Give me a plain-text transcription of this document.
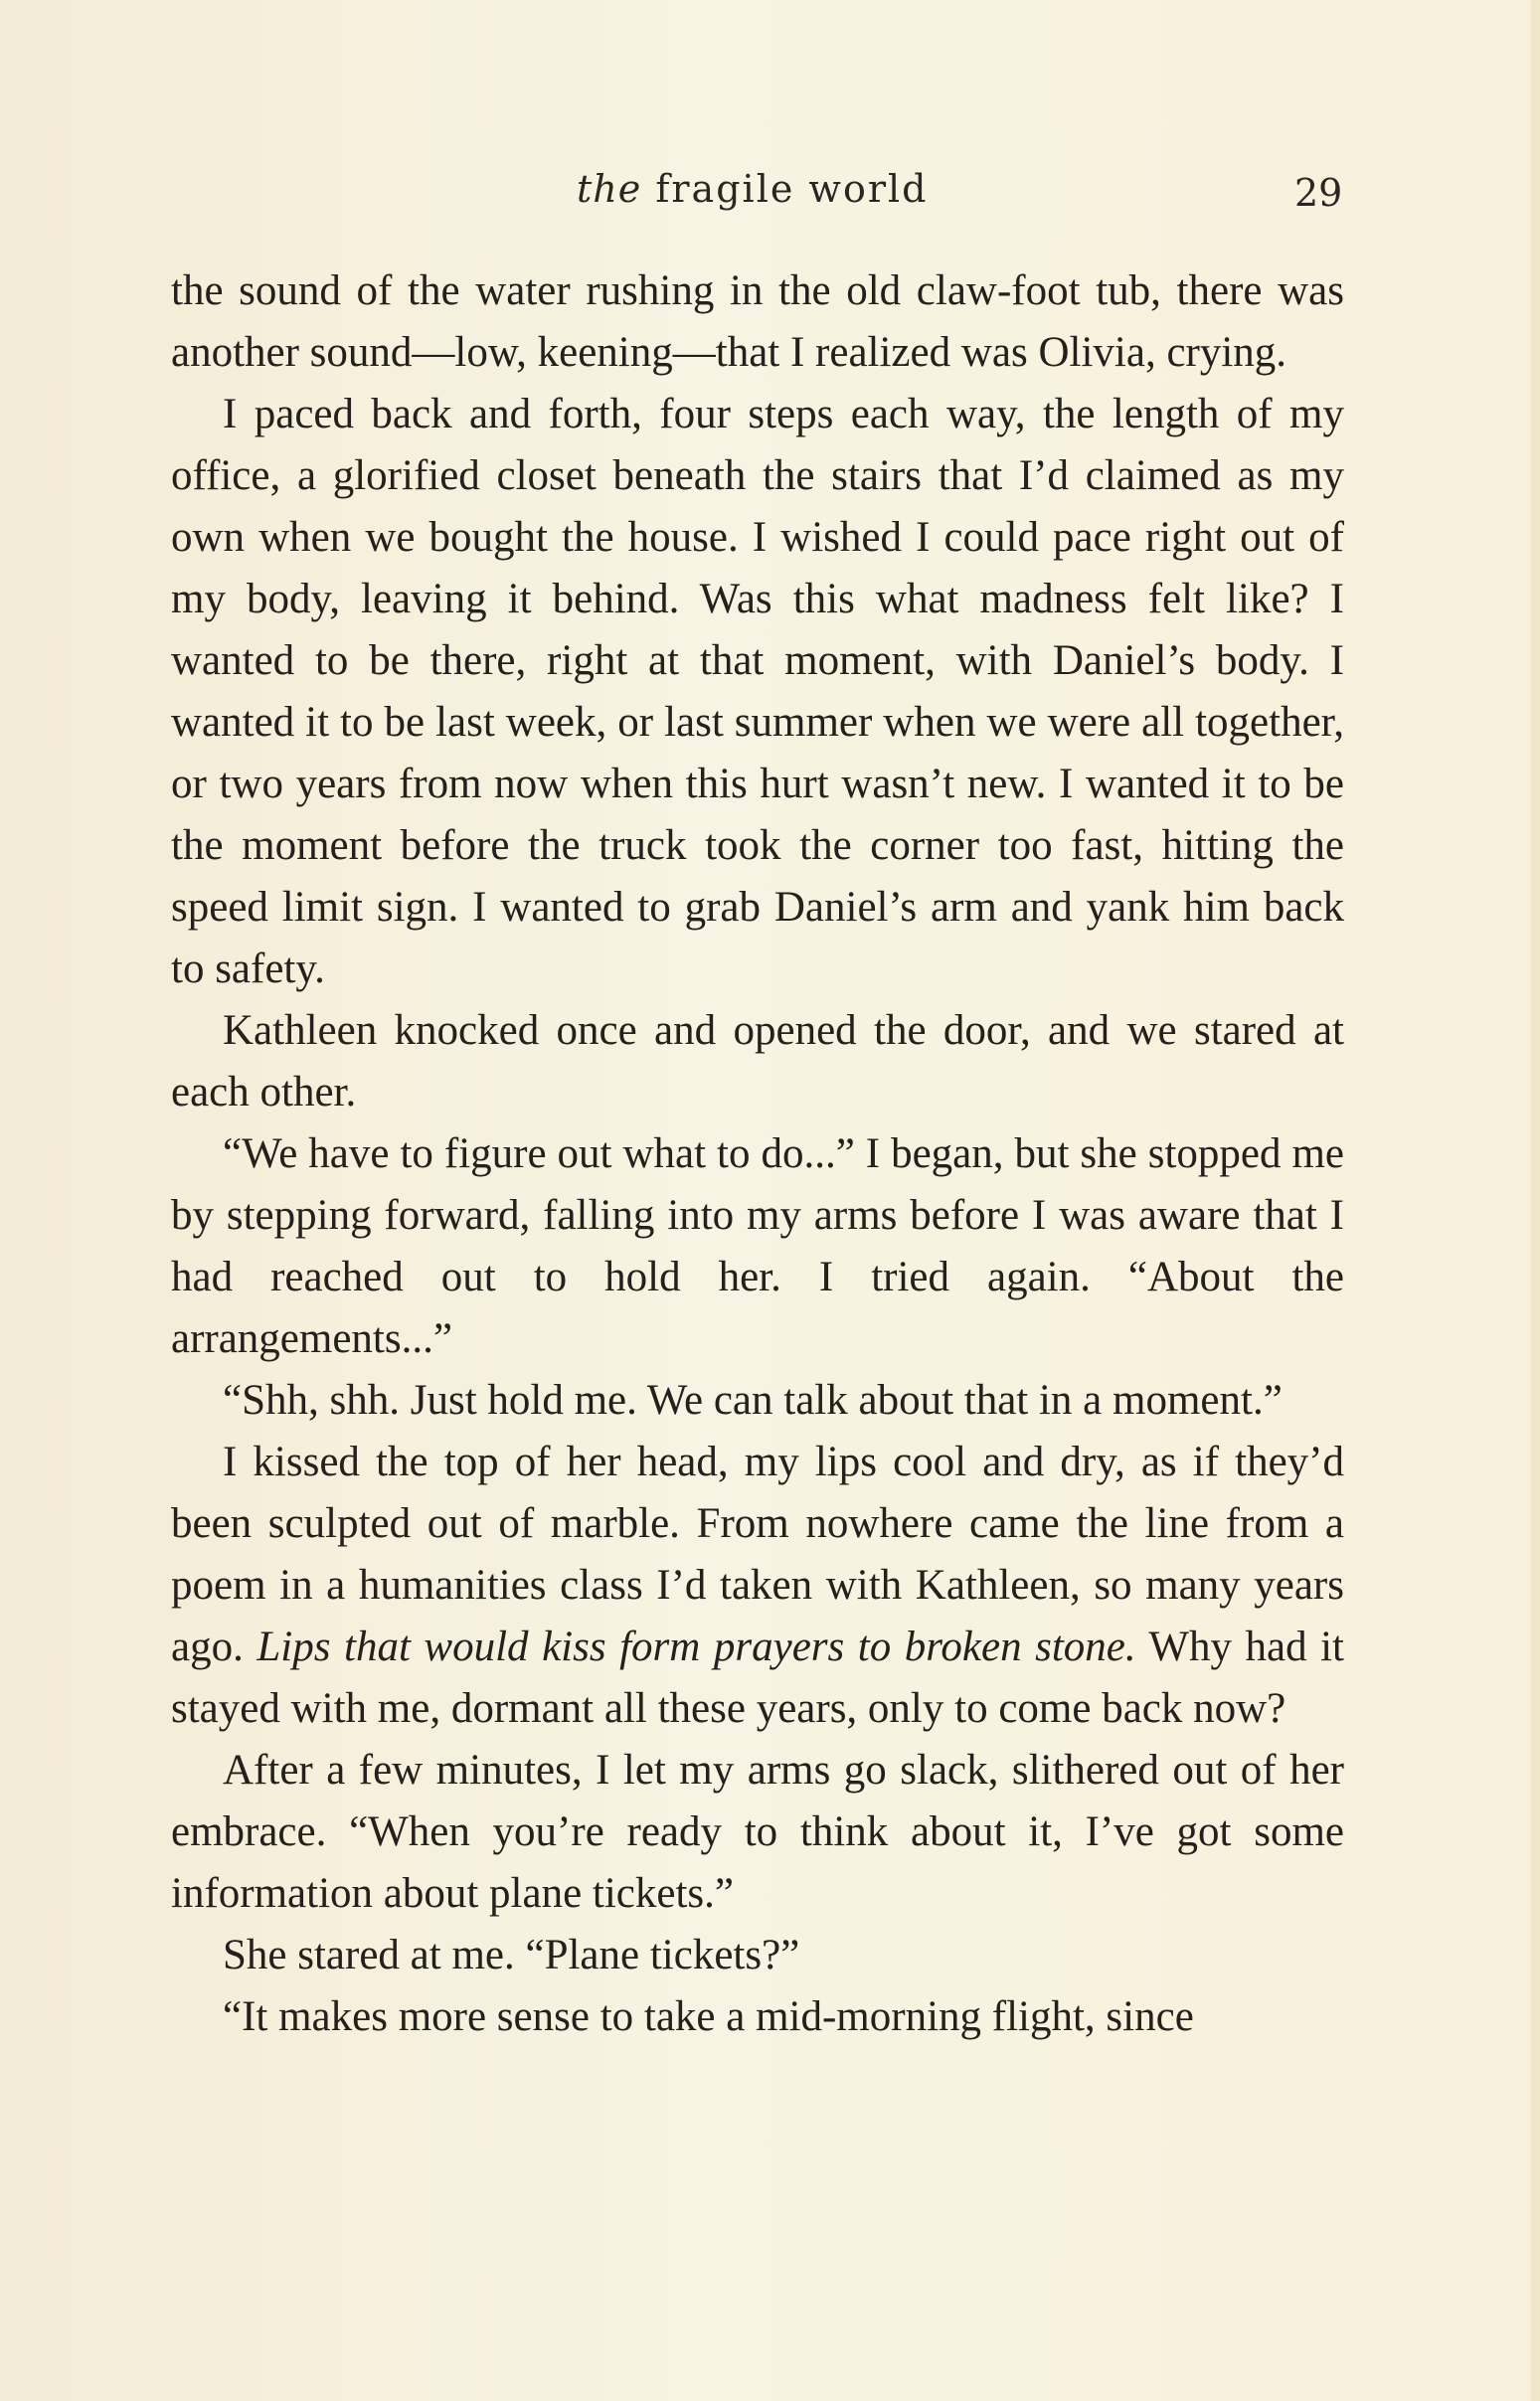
the fragile world	29

the sound of the water rushing in the old claw-foot tub, there was another sound—low, keening—that I realized was Olivia, crying.

I paced back and forth, four steps each way, the length of my office, a glorified closet beneath the stairs that I’d claimed as my own when we bought the house. I wished I could pace right out of my body, leaving it behind. Was this what madness felt like? I wanted to be there, right at that moment, with Daniel’s body. I wanted it to be last week, or last summer when we were all together, or two years from now when this hurt wasn’t new. I wanted it to be the moment before the truck took the corner too fast, hitting the speed limit sign. I wanted to grab Daniel’s arm and yank him back to safety.

Kathleen knocked once and opened the door, and we stared at each other.

“We have to figure out what to do...” I began, but she stopped me by stepping forward, falling into my arms before I was aware that I had reached out to hold her. I tried again. “About the arrangements...”

“Shh, shh. Just hold me. We can talk about that in a moment.”

I kissed the top of her head, my lips cool and dry, as if they’d been sculpted out of marble. From nowhere came the line from a poem in a humanities class I’d taken with Kathleen, so many years ago. Lips that would kiss form prayers to broken stone. Why had it stayed with me, dormant all these years, only to come back now?

After a few minutes, I let my arms go slack, slithered out of her embrace. “When you’re ready to think about it, I’ve got some information about plane tickets.”

She stared at me. “Plane tickets?”

“It makes more sense to take a mid-morning flight, since
